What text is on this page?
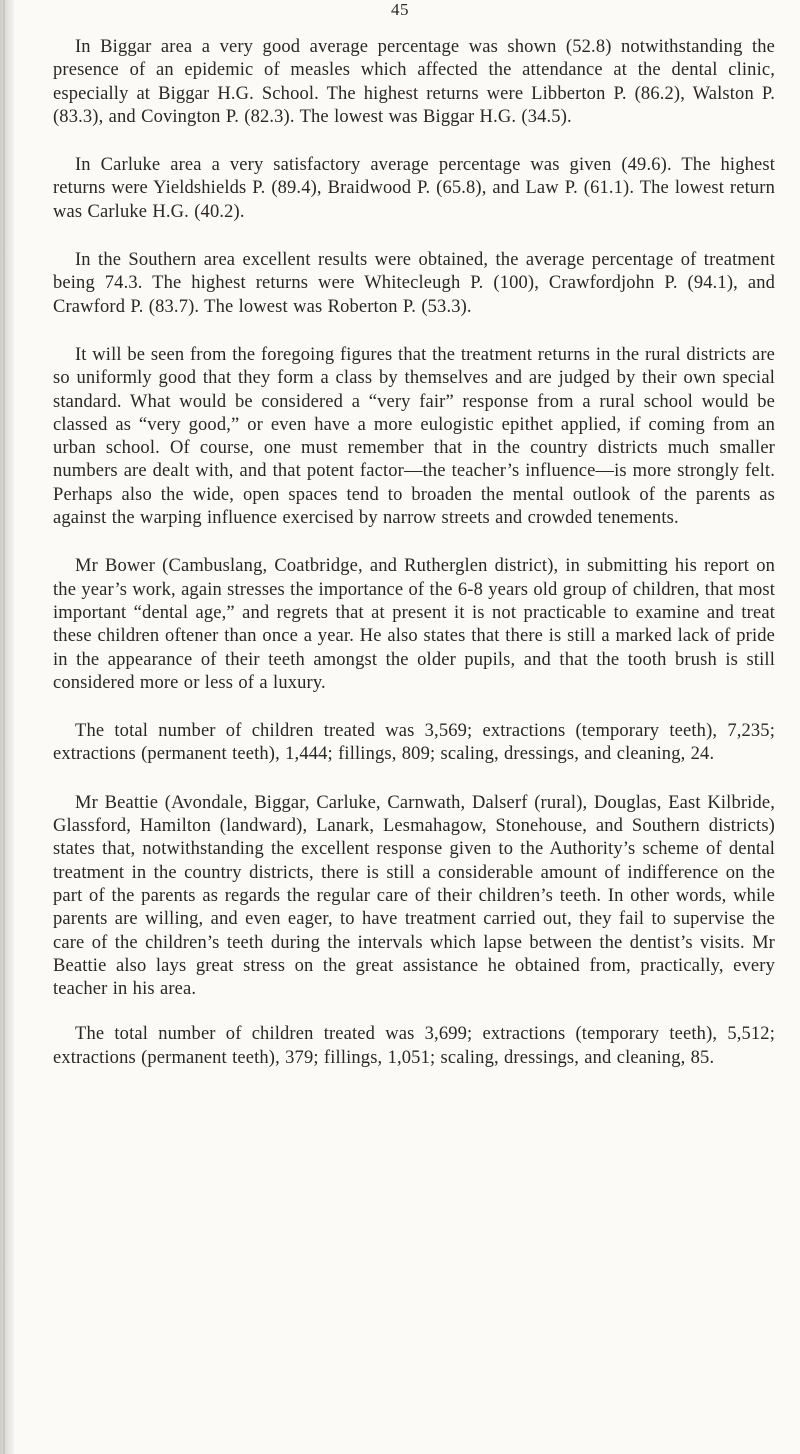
45

In Biggar area a very good average percentage was shown (52.8) notwithstanding the presence of an epidemic of measles which affected the attendance at the dental clinic, especially at Biggar H.G. School. The highest returns were Libberton P. (86.2), Walston P. (83.3), and Covington P. (82.3). The lowest was Biggar H.G. (34.5).

In Carluke area a very satisfactory average percentage was given (49.6). The highest returns were Yieldshields P. (89.4), Braidwood P. (65.8), and Law P. (61.1). The lowest return was Carluke H.G. (40.2).

In the Southern area excellent results were obtained, the average percentage of treatment being 74.3. The highest returns were Whitecleugh P. (100), Crawfordjohn P. (94.1), and Crawford P. (83.7). The lowest was Roberton P. (53.3).

It will be seen from the foregoing figures that the treatment returns in the rural districts are so uniformly good that they form a class by themselves and are judged by their own special standard. What would be considered a “very fair” response from a rural school would be classed as “very good,” or even have a more eulogistic epithet applied, if coming from an urban school. Of course, one must remember that in the country districts much smaller numbers are dealt with, and that potent factor—the teacher’s influence—is more strongly felt. Perhaps also the wide, open spaces tend to broaden the mental outlook of the parents as against the warping influence exercised by narrow streets and crowded tenements.

Mr Bower (Cambuslang, Coatbridge, and Rutherglen district), in submitting his report on the year’s work, again stresses the importance of the 6-8 years old group of children, that most important “dental age,” and regrets that at present it is not practicable to examine and treat these children oftener than once a year. He also states that there is still a marked lack of pride in the appearance of their teeth amongst the older pupils, and that the tooth brush is still considered more or less of a luxury.

The total number of children treated was 3,569; extractions (temporary teeth), 7,235; extractions (permanent teeth), 1,444; fillings, 809; scaling, dressings, and cleaning, 24.

Mr Beattie (Avondale, Biggar, Carluke, Carnwath, Dalserf (rural), Douglas, East Kilbride, Glassford, Hamilton (landward), Lanark, Lesmahagow, Stonehouse, and Southern districts) states that, notwithstanding the excellent response given to the Authority’s scheme of dental treatment in the country districts, there is still a considerable amount of indifference on the part of the parents as regards the regular care of their children’s teeth. In other words, while parents are willing, and even eager, to have treatment carried out, they fail to supervise the care of the children’s teeth during the intervals which lapse between the dentist’s visits. Mr Beattie also lays great stress on the great assistance he obtained from, practically, every teacher in his area.

The total number of children treated was 3,699; extractions (temporary teeth), 5,512; extractions (permanent teeth), 379; fillings, 1,051; scaling, dressings, and cleaning, 85.
